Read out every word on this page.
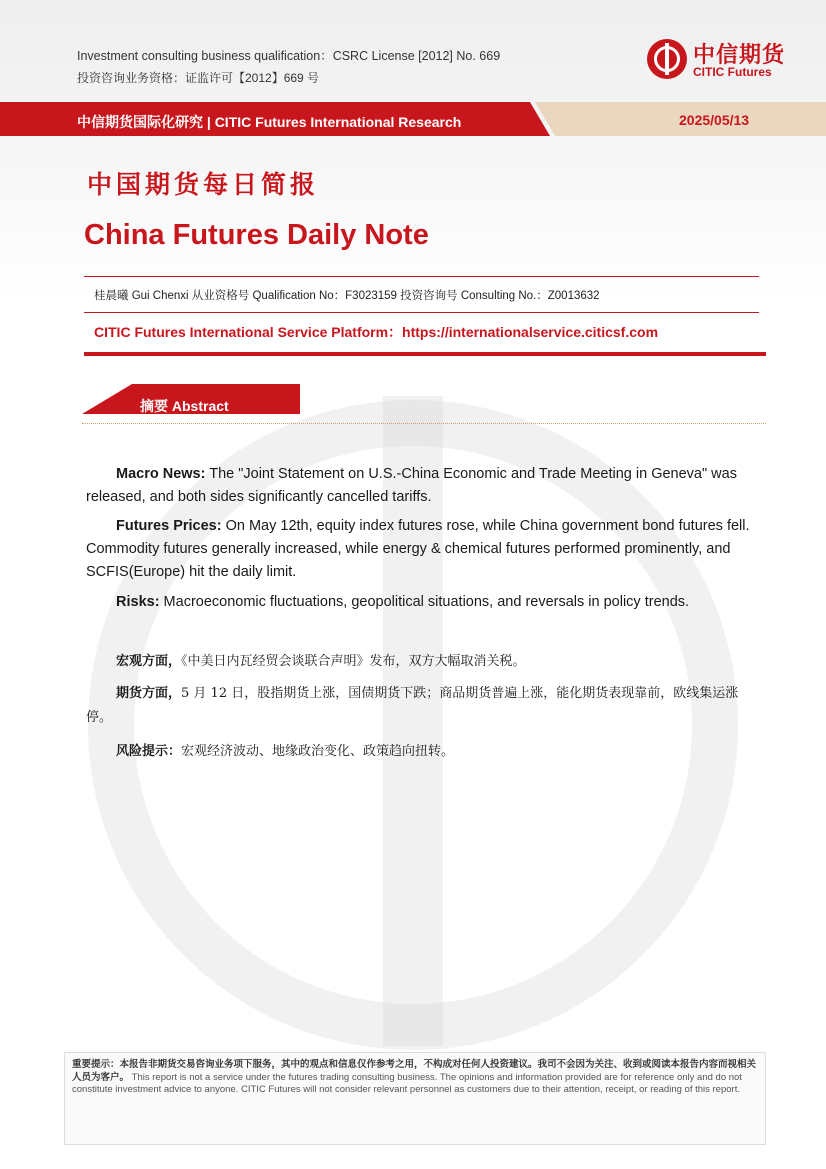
Investment consulting business qualification：CSRC License [2012] No. 669
投资咨询业务资格：证监许可【2012】669 号
中信期货
CITIC Futures
中信期货国际化研究 | CITIC Futures International Research	2025/05/13
中国期货每日简报
China Futures Daily Note
桂晨曦 Gui Chenxi 从业资格号 Qualification No：F3023159 投资咨询号 Consulting No.：Z0013632
CITIC Futures International Service Platform：https://internationalservice.citicsf.com
摘要 Abstract

Macro News: The "Joint Statement on U.S.-China Economic and Trade Meeting in Geneva" was released, and both sides significantly cancelled tariffs.

Futures Prices: On May 12th, equity index futures rose, while China government bond futures fell. Commodity futures generally increased, while energy & chemical futures performed prominently, and SCFIS(Europe) hit the daily limit.

Risks: Macroeconomic fluctuations, geopolitical situations, and reversals in policy trends.

宏观方面，《中美日内瓦经贸会谈联合声明》发布，双方大幅取消关税。

期货方面，5 月 12 日，股指期货上涨，国债期货下跌；商品期货普遍上涨，能化期货表现靠前，欧线集运涨停。

风险提示：宏观经济波动、地缘政治变化、政策趋向扭转。

重要提示：本报告非期货交易咨询业务项下服务，其中的观点和信息仅作参考之用，不构成对任何人投资建议。我司不会因为关注、收到或阅读本报告内容而视相关人员为客户。 This report is not a service under the futures trading consulting business. The opinions and information provided are for reference only and do not constitute investment advice to anyone. CITIC Futures will not consider relevant personnel as customers due to their attention, receipt, or reading of this report.
